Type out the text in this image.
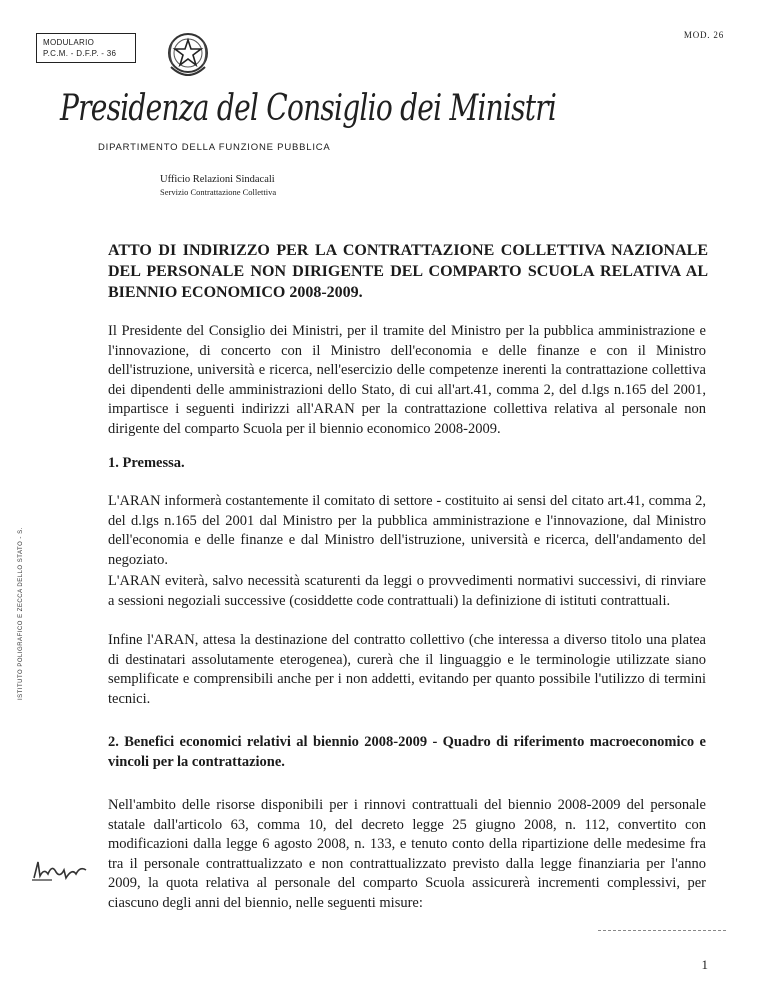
MODULARIO
P.C.M. - D.F.P. - 36
MOD. 26
Presidenza del Consiglio dei Ministri
DIPARTIMENTO DELLA FUNZIONE PUBBLICA
Ufficio Relazioni Sindacali
Servizio Contrattazione Collettiva
ATTO DI INDIRIZZO PER LA CONTRATTAZIONE COLLETTIVA NAZIONALE DEL PERSONALE NON DIRIGENTE DEL COMPARTO SCUOLA RELATIVA AL BIENNIO ECONOMICO 2008-2009.
Il Presidente del Consiglio dei Ministri, per il tramite del Ministro per la pubblica amministrazione e l'innovazione, di concerto con il Ministro dell'economia e delle finanze e con il Ministro dell'istruzione, università e ricerca, nell'esercizio delle competenze inerenti la contrattazione collettiva dei dipendenti delle amministrazioni dello Stato, di cui all'art.41, comma 2, del d.lgs n.165 del 2001, impartisce i seguenti indirizzi all'ARAN per la contrattazione collettiva relativa al personale non dirigente del comparto Scuola per il biennio economico 2008-2009.
1. Premessa.
L'ARAN informerà costantemente il comitato di settore - costituito ai sensi del citato art.41, comma 2, del d.lgs n.165 del 2001 dal Ministro per la pubblica amministrazione e l'innovazione, dal Ministro dell'economia e delle finanze e dal Ministro dell'istruzione, università e ricerca, dell'andamento del negoziato.
L'ARAN eviterà, salvo necessità scaturenti da leggi o provvedimenti normativi successivi, di rinviare a sessioni negoziali successive (cosiddette code contrattuali) la definizione di istituti contrattuali.
Infine l'ARAN, attesa la destinazione del contratto collettivo (che interessa a diverso titolo una platea di destinatari assolutamente eterogenea), curerà che il linguaggio e le terminologie utilizzate siano semplificate e comprensibili anche per i non addetti, evitando per quanto possibile l'utilizzo di termini tecnici.
2. Benefici economici relativi al biennio 2008-2009 - Quadro di riferimento macroeconomico e vincoli per la contrattazione.
Nell'ambito delle risorse disponibili per i rinnovi contrattuali del biennio 2008-2009 del personale statale dall'articolo 63, comma 10, del decreto legge 25 giugno 2008, n. 112, convertito con modificazioni dalla legge 6 agosto 2008, n. 133, e tenuto conto della ripartizione delle medesime fra tra il personale contrattualizzato e non contrattualizzato previsto dalla legge finanziaria per l'anno 2009, la quota relativa al personale del comparto Scuola assicurerà incrementi complessivi, per ciascuno degli anni del biennio, nelle seguenti misure:
ISTITUTO POLIGRAFICO E ZECCA DELLO STATO - S.
1
